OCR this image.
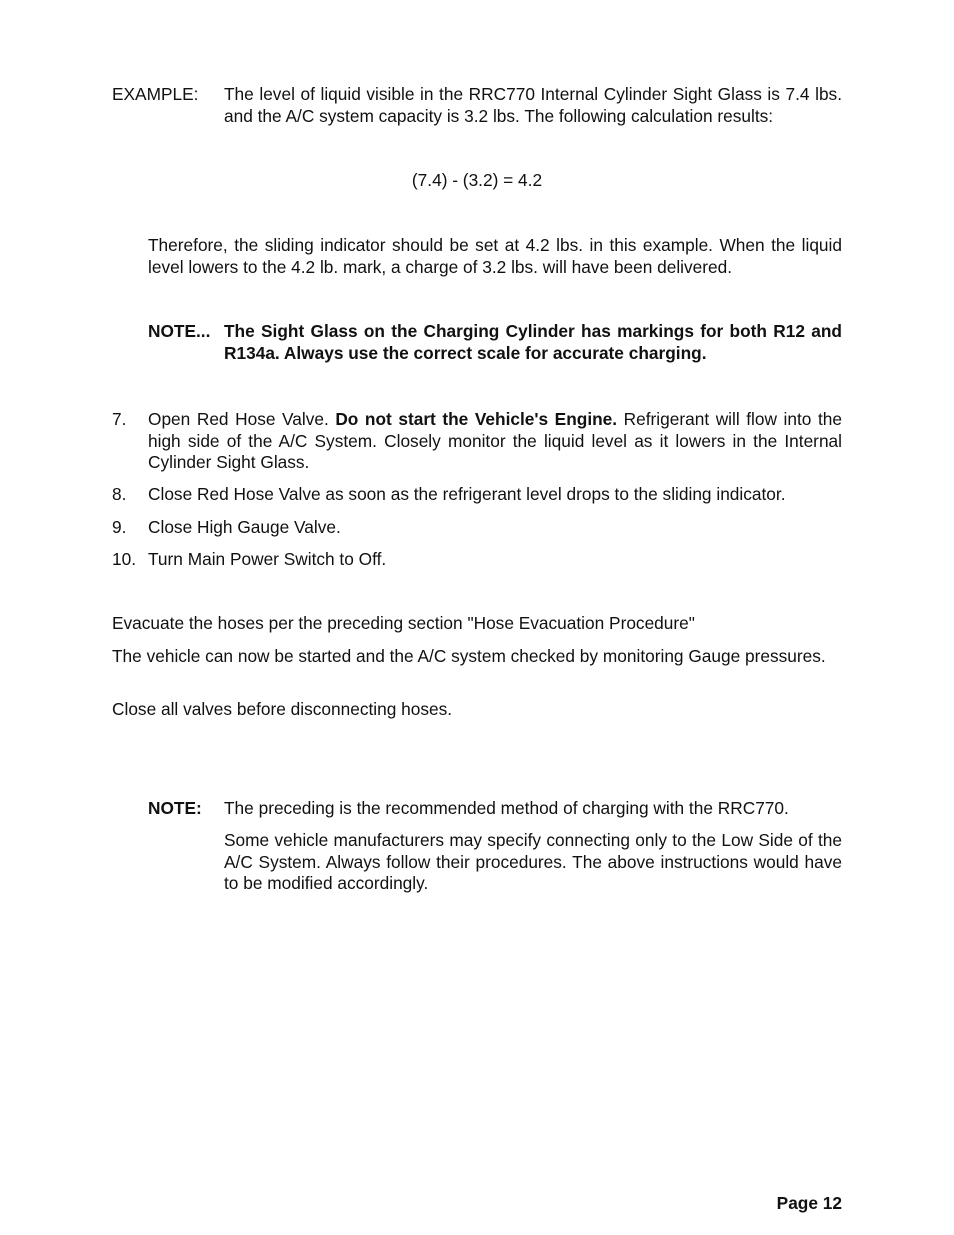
EXAMPLE: The level of liquid visible in the RRC770 Internal Cylinder Sight Glass is 7.4 lbs. and the A/C system capacity is 3.2 lbs. The following calculation results:
(7.4) - (3.2) = 4.2
Therefore, the sliding indicator should be set at 4.2 lbs. in this example. When the liquid level lowers to the 4.2 lb. mark, a charge of 3.2 lbs. will have been delivered.
NOTE... The Sight Glass on the Charging Cylinder has markings for both R12 and R134a. Always use the correct scale for accurate charging.
7. Open Red Hose Valve. Do not start the Vehicle's Engine. Refrigerant will flow into the high side of the A/C System. Closely monitor the liquid level as it lowers in the Internal Cylinder Sight Glass.
8. Close Red Hose Valve as soon as the refrigerant level drops to the sliding indicator.
9. Close High Gauge Valve.
10. Turn Main Power Switch to Off.
Evacuate the hoses per the preceding section "Hose Evacuation Procedure"
The vehicle can now be started and the A/C system checked by monitoring Gauge pressures.
Close all valves before disconnecting hoses.
NOTE: The preceding is the recommended method of charging with the RRC770.
Some vehicle manufacturers may specify connecting only to the Low Side of the A/C System. Always follow their procedures. The above instructions would have to be modified accordingly.
Page 12
